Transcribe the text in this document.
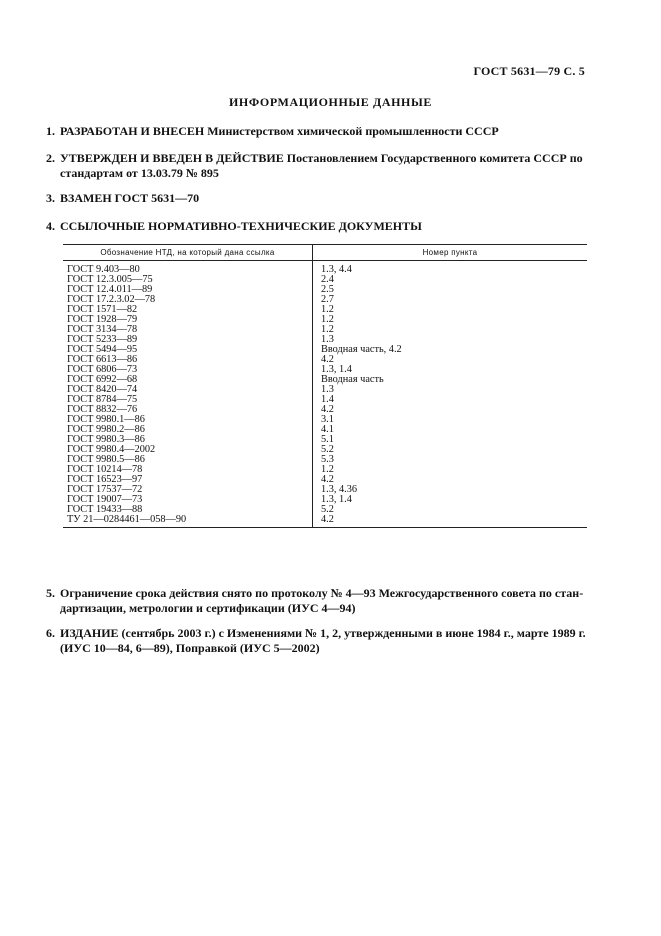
ГОСТ 5631—79 С. 5
ИНФОРМАЦИОННЫЕ ДАННЫЕ
1. РАЗРАБОТАН И ВНЕСЕН Министерством химической промышленности СССР
2. УТВЕРЖДЕН И ВВЕДЕН В ДЕЙСТВИЕ Постановлением Государственного комитета СССР по
стандартам от 13.03.79 № 895
3. ВЗАМЕН ГОСТ 5631—70
4. ССЫЛОЧНЫЕ НОРМАТИВНО-ТЕХНИЧЕСКИЕ ДОКУМЕНТЫ
Обозначение НТД, на который дана ссылка	Номер пункта
ГОСТ 9.403—80	1.3, 4.4
ГОСТ 12.3.005—75	2.4
ГОСТ 12.4.011—89	2.5
ГОСТ 17.2.3.02—78	2.7
ГОСТ 1571—82	1.2
ГОСТ 1928—79	1.2
ГОСТ 3134—78	1.2
ГОСТ 5233—89	1.3
ГОСТ 5494—95	Вводная часть, 4.2
ГОСТ 6613—86	4.2
ГОСТ 6806—73	1.3, 1.4
ГОСТ 6992—68	Вводная часть
ГОСТ 8420—74	1.3
ГОСТ 8784—75	1.4
ГОСТ 8832—76	4.2
ГОСТ 9980.1—86	3.1
ГОСТ 9980.2—86	4.1
ГОСТ 9980.3—86	5.1
ГОСТ 9980.4—2002	5.2
ГОСТ 9980.5—86	5.3
ГОСТ 10214—78	1.2
ГОСТ 16523—97	4.2
ГОСТ 17537—72	1.3, 4.36
ГОСТ 19007—73	1.3, 1.4
ГОСТ 19433—88	5.2
ТУ 21—0284461—058—90	4.2
5. Ограничение срока действия снято по протоколу № 4—93 Межгосударственного совета по стан-
дартизации, метрологии и сертификации (ИУС 4—94)
6. ИЗДАНИЕ (сентябрь 2003 г.) с Изменениями № 1, 2, утвержденными в июне 1984 г., марте 1989 г.
(ИУС 10—84, 6—89), Поправкой (ИУС 5—2002)
